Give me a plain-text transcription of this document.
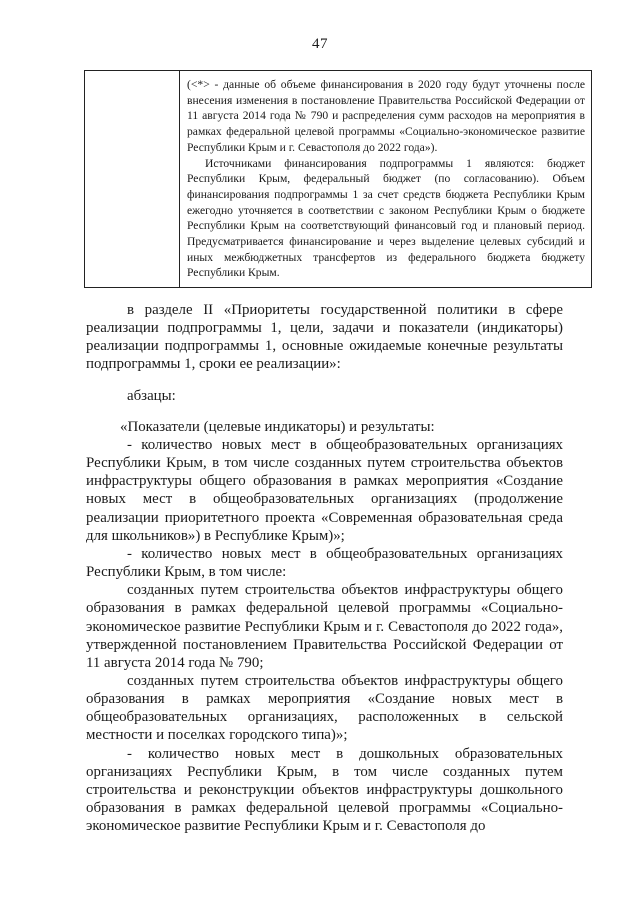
47

(<*> - данные об объеме финансирования в 2020 году будут уточнены после внесения изменения в постановление Правительства Российской Федерации от 11 августа 2014 года № 790 и распределения сумм расходов на мероприятия в рамках федеральной целевой программы «Социально-экономическое развитие Республики Крым и г. Севастополя до 2022 года»).

Источниками финансирования подпрограммы 1 являются: бюджет Республики Крым, федеральный бюджет (по согласованию). Объем финансирования подпрограммы 1 за счет средств бюджета Республики Крым ежегодно уточняется в соответствии с законом Республики Крым о бюджете Республики Крым на соответствующий финансовый год и плановый период. Предусматривается финансирование и через выделение целевых субсидий и иных межбюджетных трансфертов из федерального бюджета бюджету Республики Крым.

в разделе II «Приоритеты государственной политики в сфере реализации подпрограммы 1, цели, задачи и показатели (индикаторы) реализации подпрограммы 1, основные ожидаемые конечные результаты подпрограммы 1, сроки ее реализации»:

абзацы:

«Показатели (целевые индикаторы) и результаты:

- количество новых мест в общеобразовательных организациях Республики Крым, в том числе созданных путем строительства объектов инфраструктуры общего образования в рамках мероприятия «Создание новых мест в общеобразовательных организациях (продолжение реализации приоритетного проекта «Современная образовательная среда для школьников») в Республике Крым)»;

- количество новых мест в общеобразовательных организациях Республики Крым, в том числе:

созданных путем строительства объектов инфраструктуры общего образования в рамках федеральной целевой программы «Социально-экономическое развитие Республики Крым и г. Севастополя до 2022 года», утвержденной постановлением Правительства Российской Федерации от 11 августа 2014 года № 790;

созданных путем строительства объектов инфраструктуры общего образования в рамках мероприятия «Создание новых мест в общеобразовательных организациях, расположенных в сельской местности и поселках городского типа)»;

- количество новых мест в дошкольных образовательных организациях Республики Крым, в том числе созданных путем строительства и реконструкции объектов инфраструктуры дошкольного образования в рамках федеральной целевой программы «Социально-экономическое развитие Республики Крым и г. Севастополя до
